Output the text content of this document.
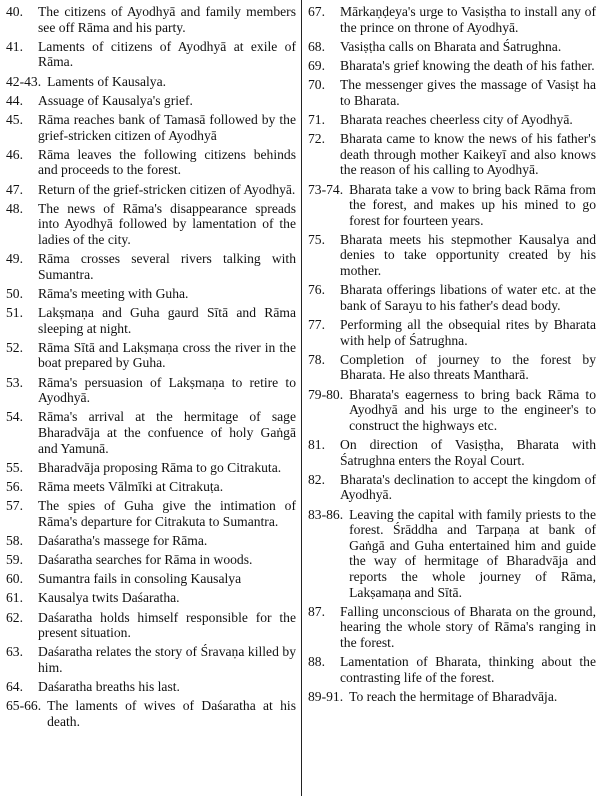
40.	The citizens of Ayodhyā and family members see off Rāma and his party.
41.	Laments of citizens of Ayodhyā at exile of Rāma.
42-43. Laments of Kausalya.
44.	Assuage of Kausalya's grief.
45.	Rāma reaches bank of Tamasā followed by the grief-stricken citizen of Ayodhyā
46.	Rāma leaves the following citizens behinds and proceeds to the forest.
47.	Return of the grief-stricken citizen of Ayodhyā.
48.	The news of Rāma's disappearance spreads into Ayodhyā followed by lamentation of the ladies of the city.
49.	Rāma crosses several rivers talking with Sumantra.
50.	Rāma's meeting with Guha.
51.	Lakṣmaṇa and Guha gaurd Sītā and Rāma sleeping at night.
52.	Rāma Sītā and Lakṣmaṇa cross the river in the boat prepared by Guha.
53.	Rāma's persuasion of Lakṣmaṇa to retire to Ayodhyā.
54.	Rāma's arrival at the hermitage of sage Bharadvāja at the confuence of holy Gaṅgā and Yamunā.
55.	Bharadvāja proposing Rāma to go Citrakuta.
56.	Rāma meets Vālmīki at Citrakuṭa.
57.	The spies of Guha give the intimation of Rāma's departure for Citrakuta to Sumantra.
58.	Daśaratha's massege for Rāma.
59.	Daśaratha searches for Rāma in woods.
60.	Sumantra fails in consoling Kausalya
61.	Kausalya twits Daśaratha.
62.	Daśaratha holds himself responsible for the present situation.
63.	Daśaratha relates the story of Śravaṇa killed by him.
64.	Daśaratha breaths his last.
65-66. The laments of wives of Daśaratha at his death.
67.	Mārkaṇḍeya's urge to Vasiṣtha to install any of the prince on throne of Ayodhyā.
68.	Vasiṣṭha calls on Bharata and Śatrughna.
69.	Bharata's grief knowing the death of his father.
70.	The messenger gives the massage of Vasiṣt ha to Bharata.
71.	Bharata reaches cheerless city of Ayodhyā.
72.	Bharata came to know the news of his father's death through mother Kaikeyī and also knows the reason of his calling to Ayodhyā.
73-74. Bharata take a vow to bring back Rāma from the forest, and makes up his mined to go forest for fourteen years.
75.	Bharata meets his stepmother Kausalya and denies to take opportunity created by his mother.
76.	Bharata offerings libations of water etc. at the bank of Sarayu to his father's dead body.
77.	Performing all the obsequial rites by Bharata with help of Śatrughna.
78.	Completion of journey to the forest by Bharata. He also threats Mantharā.
79-80. Bharata's eagerness to bring back Rāma to Ayodhyā and his urge to the engineer's to construct the highways etc.
81.	On direction of Vasiṣṭha, Bharata with Śatrughna enters the Royal Court.
82.	Bharata's declination to accept the kingdom of Ayodhyā.
83-86. Leaving the capital with family priests to the forest. Śrāddha and Tarpaṇa at bank of Gaṅgā and Guha entertained him and guide the way of hermitage of Bharadvāja and reports the whole journey of Rāma, Lakṣamaṇa and Sītā.
87.	Falling unconscious of Bharata on the ground, hearing the whole story of Rāma's ranging in the forest.
88.	Lamentation of Bharata, thinking about the contrasting life of the forest.
89-91. To reach the hermitage of Bharadvāja.
